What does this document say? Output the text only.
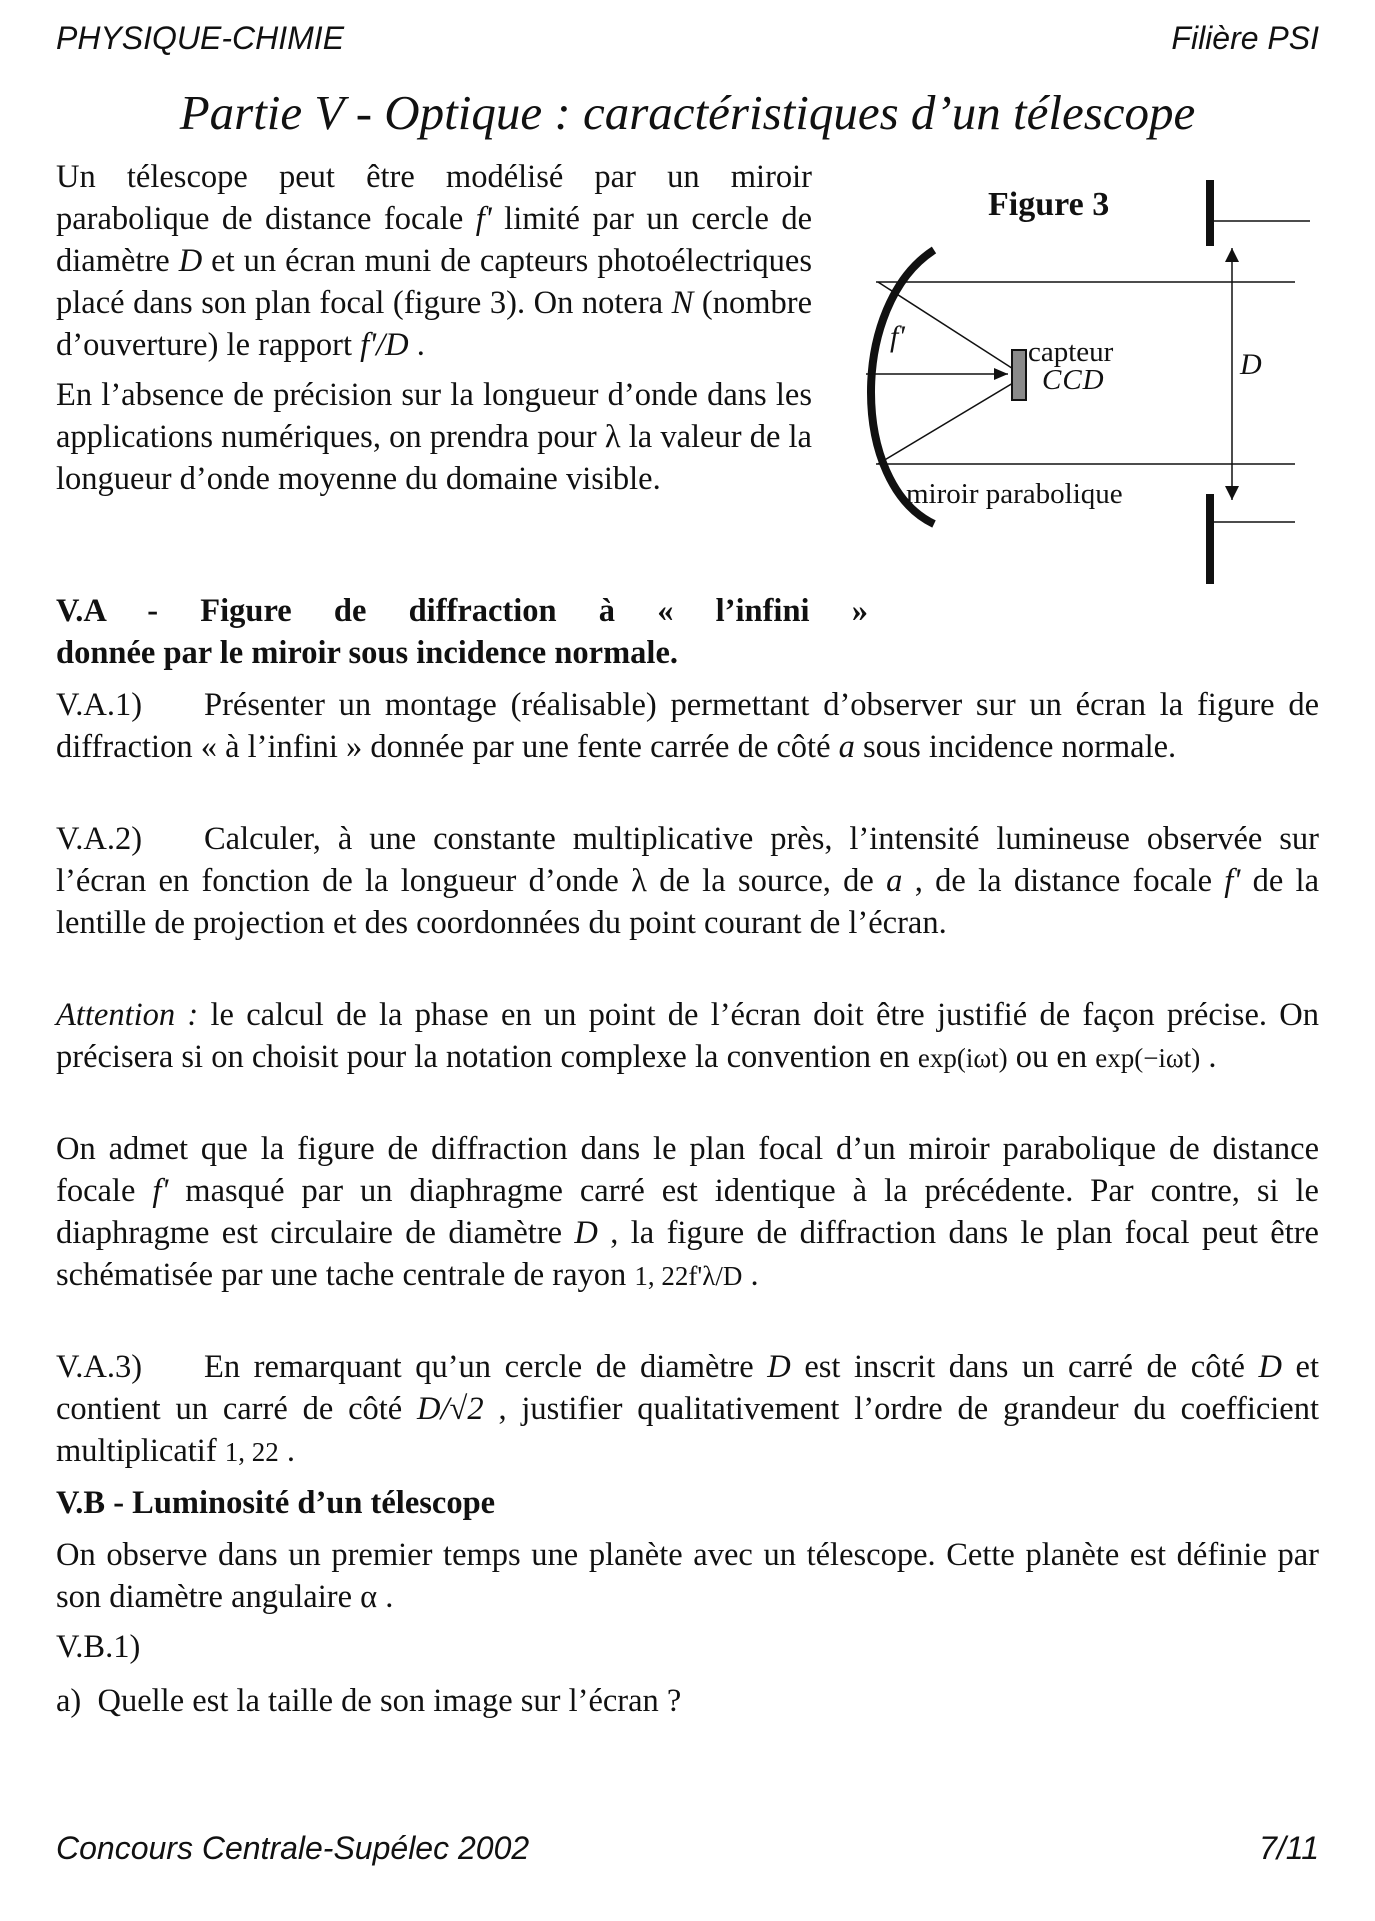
PHYSIQUE-CHIMIE	Filière PSI
Partie V - Optique : caractéristiques d’un télescope

Un télescope peut être modélisé par un miroir parabolique de distance focale f' limité par un cercle de diamètre D et un écran muni de capteurs photoélectriques placé dans son plan focal (figure 3). On notera N (nombre d’ouverture) le rapport f'/D .

En l’absence de précision sur la longueur d’onde dans les applications numériques, on prendra pour λ la valeur de la longueur d’onde moyenne du domaine visible.

Figure 3
f'	capteur
CCD
miroir parabolique
D
V.A - Figure de diffraction à « l’infini »
donnée par le miroir sous incidence normale.
V.A.1) Présenter un montage (réalisable) permettant d’observer sur un écran la figure de diffraction « à l’infini » donnée par une fente carrée de côté a sous incidence normale.
V.A.2) Calculer, à une constante multiplicative près, l’intensité lumineuse observée sur l’écran en fonction de la longueur d’onde λ de la source, de a , de la distance focale f' de la lentille de projection et des coordonnées du point courant de l’écran.
Attention : le calcul de la phase en un point de l’écran doit être justifié de façon précise. On précisera si on choisit pour la notation complexe la convention en exp(iωt) ou en exp(−iωt) .
On admet que la figure de diffraction dans le plan focal d’un miroir parabolique de distance focale f' masqué par un diaphragme carré est identique à la précédente. Par contre, si le diaphragme est circulaire de diamètre D , la figure de diffraction dans le plan focal peut être schématisée par une tache centrale de rayon 1, 22f'λ/D .
V.A.3) En remarquant qu’un cercle de diamètre D est inscrit dans un carré de côté D et contient un carré de côté D/√2 , justifier qualitativement l’ordre de grandeur du coefficient multiplicatif 1, 22 .
V.B - Luminosité d’un télescope
On observe dans un premier temps une planète avec un télescope. Cette planète est définie par son diamètre angulaire α .
V.B.1)
a) Quelle est la taille de son image sur l’écran ?
Concours Centrale-Supélec 2002	7/11
